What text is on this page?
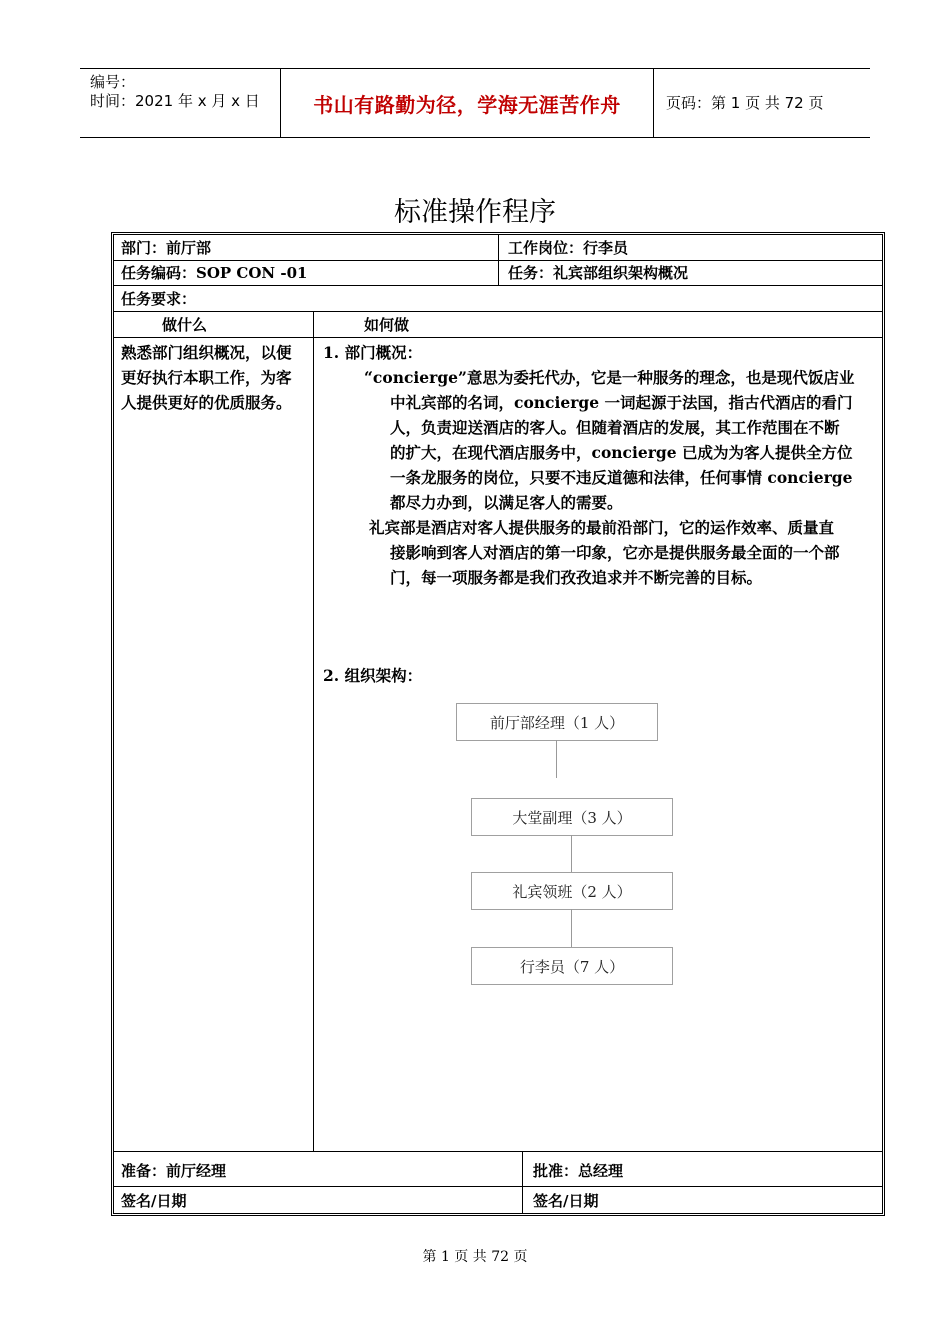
编号：
时间：2021 年 x 月 x 日	书山有路勤为径，学海无涯苦作舟	页码：第 1 页 共 72 页
标准操作程序
部门：前厅部	工作岗位：行李员
任务编码：SOP CON -01	任务：礼宾部组织架构概况
任务要求：
做什么	如何做
熟悉部门组织概况，以便
更好执行本职工作，为客
人提供更好的优质服务。
1. 部门概况：
“concierge”意思为委托代办，它是一种服务的理念，也是现代饭店业
中礼宾部的名词，concierge 一词起源于法国，指古代酒店的看门
人，负责迎送酒店的客人。但随着酒店的发展，其工作范围在不断
的扩大，在现代酒店服务中，concierge 已成为为客人提供全方位
一条龙服务的岗位，只要不违反道德和法律，任何事情 concierge
都尽力办到，以满足客人的需要。
礼宾部是酒店对客人提供服务的最前沿部门，它的运作效率、质量直
接影响到客人对酒店的第一印象，它亦是提供服务最全面的一个部
门，每一项服务都是我们孜孜追求并不断完善的目标。
2. 组织架构：
前厅部经理（1 人）
大堂副理（3 人）
礼宾领班（2 人）
行李员（7 人）
准备：前厅经理	批准：总经理
签名/日期	签名/日期
第 1 页 共 72 页
